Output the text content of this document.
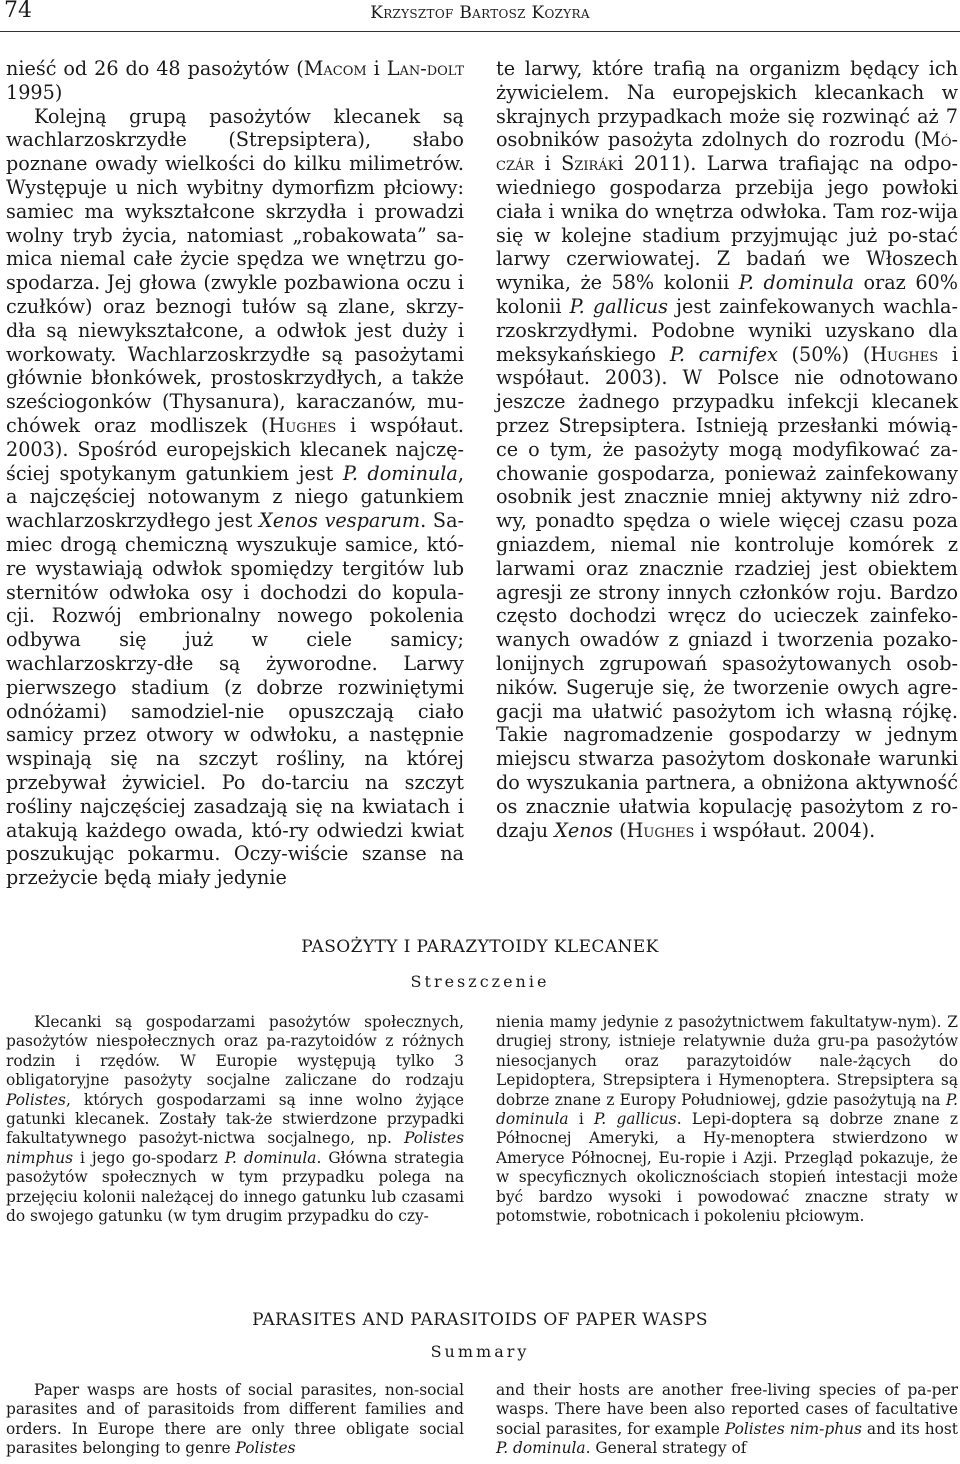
74	Krzysztof Bartosz Kozyra

nieść od 26 do 48 pasożytów (Macom i Lan-dolt 1995)

Kolejną grupą pasożytów klecanek są wachlarzoskrzydłe (Strepsiptera), słabo poznane owady wielkości do kilku milimetrów. Występuje u nich wybitny dymorfizm płciowy: samiec ma wykształcone skrzydła i prowadzi wolny tryb życia, natomiast „robakowata” sa-mica niemal całe życie spędza we wnętrzu go-spodarza. Jej głowa (zwykle pozbawiona oczu i czułków) oraz beznogi tułów są zlane, skrzy-dła są niewykształcone, a odwłok jest duży i workowaty. Wachlarzoskrzydłe są pasożytami głównie błonkówek, prostoskrzydłych, a także sześciogonków (Thysanura), karaczanów, mu-chówek oraz modliszek (Hughes i współaut. 2003). Spośród europejskich klecanek najczę-ściej spotykanym gatunkiem jest P. dominula, a najczęściej notowanym z niego gatunkiem wachlarzoskrzydłego jest Xenos vesparum. Sa-miec drogą chemiczną wyszukuje samice, któ-re wystawiają odwłok spomiędzy tergitów lub sternitów odwłoka osy i dochodzi do kopula-cji. Rozwój embrionalny nowego pokolenia odbywa się już w ciele samicy; wachlarzoskrzy-dłe są żyworodne. Larwy pierwszego stadium (z dobrze rozwiniętymi odnóżami) samodziel-nie opuszczają ciało samicy przez otwory w odwłoku, a następnie wspinają się na szczyt rośliny, na której przebywał żywiciel. Po do-tarciu na szczyt rośliny najczęściej zasadzają się na kwiatach i atakują każdego owada, któ-ry odwiedzi kwiat poszukując pokarmu. Oczy-wiście szanse na przeżycie będą miały jedynie

te larwy, które trafią na organizm będący ich żywicielem. Na europejskich klecankach w skrajnych przypadkach może się rozwinąć aż 7 osobników pasożyta zdolnych do rozrodu (Mó-czár i Sziráki 2011). Larwa trafiając na odpo-wiedniego gospodarza przebija jego powłoki ciała i wnika do wnętrza odwłoka. Tam roz-wija się w kolejne stadium przyjmując już po-stać larwy czerwiowatej. Z badań we Włoszech wynika, że 58% kolonii P. dominula oraz 60% kolonii P. gallicus jest zainfekowanych wachla-rzoskrzydłymi. Podobne wyniki uzyskano dla meksykańskiego P. carnifex (50%) (Hughes i współaut. 2003). W Polsce nie odnotowano jeszcze żadnego przypadku infekcji klecanek przez Strepsiptera. Istnieją przesłanki mówią-ce o tym, że pasożyty mogą modyfikować za-chowanie gospodarza, ponieważ zainfekowany osobnik jest znacznie mniej aktywny niż zdro-wy, ponadto spędza o wiele więcej czasu poza gniazdem, niemal nie kontroluje komórek z larwami oraz znacznie rzadziej jest obiektem agresji ze strony innych członków roju. Bardzo często dochodzi wręcz do ucieczek zainfeko-wanych owadów z gniazd i tworzenia pozako-lonijnych zgrupowań spasożytowanych osob-ników. Sugeruje się, że tworzenie owych agre-gacji ma ułatwić pasożytom ich własną rójkę. Takie nagromadzenie gospodarzy w jednym miejscu stwarza pasożytom doskonałe warunki do wyszukania partnera, a obniżona aktywność os znacznie ułatwia kopulację pasożytom z ro-dzaju Xenos (Hughes i współaut. 2004).

PASOŻYTY I PARAZYTOIDY KLECANEK
Streszczenie

Klecanki są gospodarzami pasożytów społecznych, pasożytów niespołecznych oraz pa-razytoidów z różnych rodzin i rzędów. W Europie występują tylko 3 obligatoryjne pasożyty socjalne zaliczane do rodzaju Polistes, których gospodarzami są inne wolno żyjące gatunki klecanek. Zostały tak-że stwierdzone przypadki fakultatywnego pasożyt-nictwa socjalnego, np. Polistes nimphus i jego go-spodarz P. dominula. Główna strategia pasożytów społecznych w tym przypadku polega na przejęciu kolonii należącej do innego gatunku lub czasami do swojego gatunku (w tym drugim przypadku do czy-

nienia mamy jedynie z pasożytnictwem fakultatyw-nym). Z drugiej strony, istnieje relatywnie duża gru-pa pasożytów niesocjanych oraz parazytoidów nale-żących do Lepidoptera, Strepsiptera i Hymenoptera. Strepsiptera są dobrze znane z Europy Południowej, gdzie pasożytują na P. dominula i P. gallicus. Lepi-doptera są dobrze znane z Północnej Ameryki, a Hy-menoptera stwierdzono w Ameryce Północnej, Eu-ropie i Azji. Przegląd pokazuje, że w specyficznych okolicznościach stopień intestacji może być bardzo wysoki i powodować znaczne straty w potomstwie, robotnicach i pokoleniu płciowym.

PARASITES AND PARASITOIDS OF PAPER WASPS
Summary

Paper wasps are hosts of social parasites, non-social parasites and of parasitoids from different families and orders. In Europe there are only three obligate social parasites belonging to genre Polistes

and their hosts are another free-living species of pa-per wasps. There have been also reported cases of facultative social parasites, for example Polistes nim-phus and its host P. dominula. General strategy of
